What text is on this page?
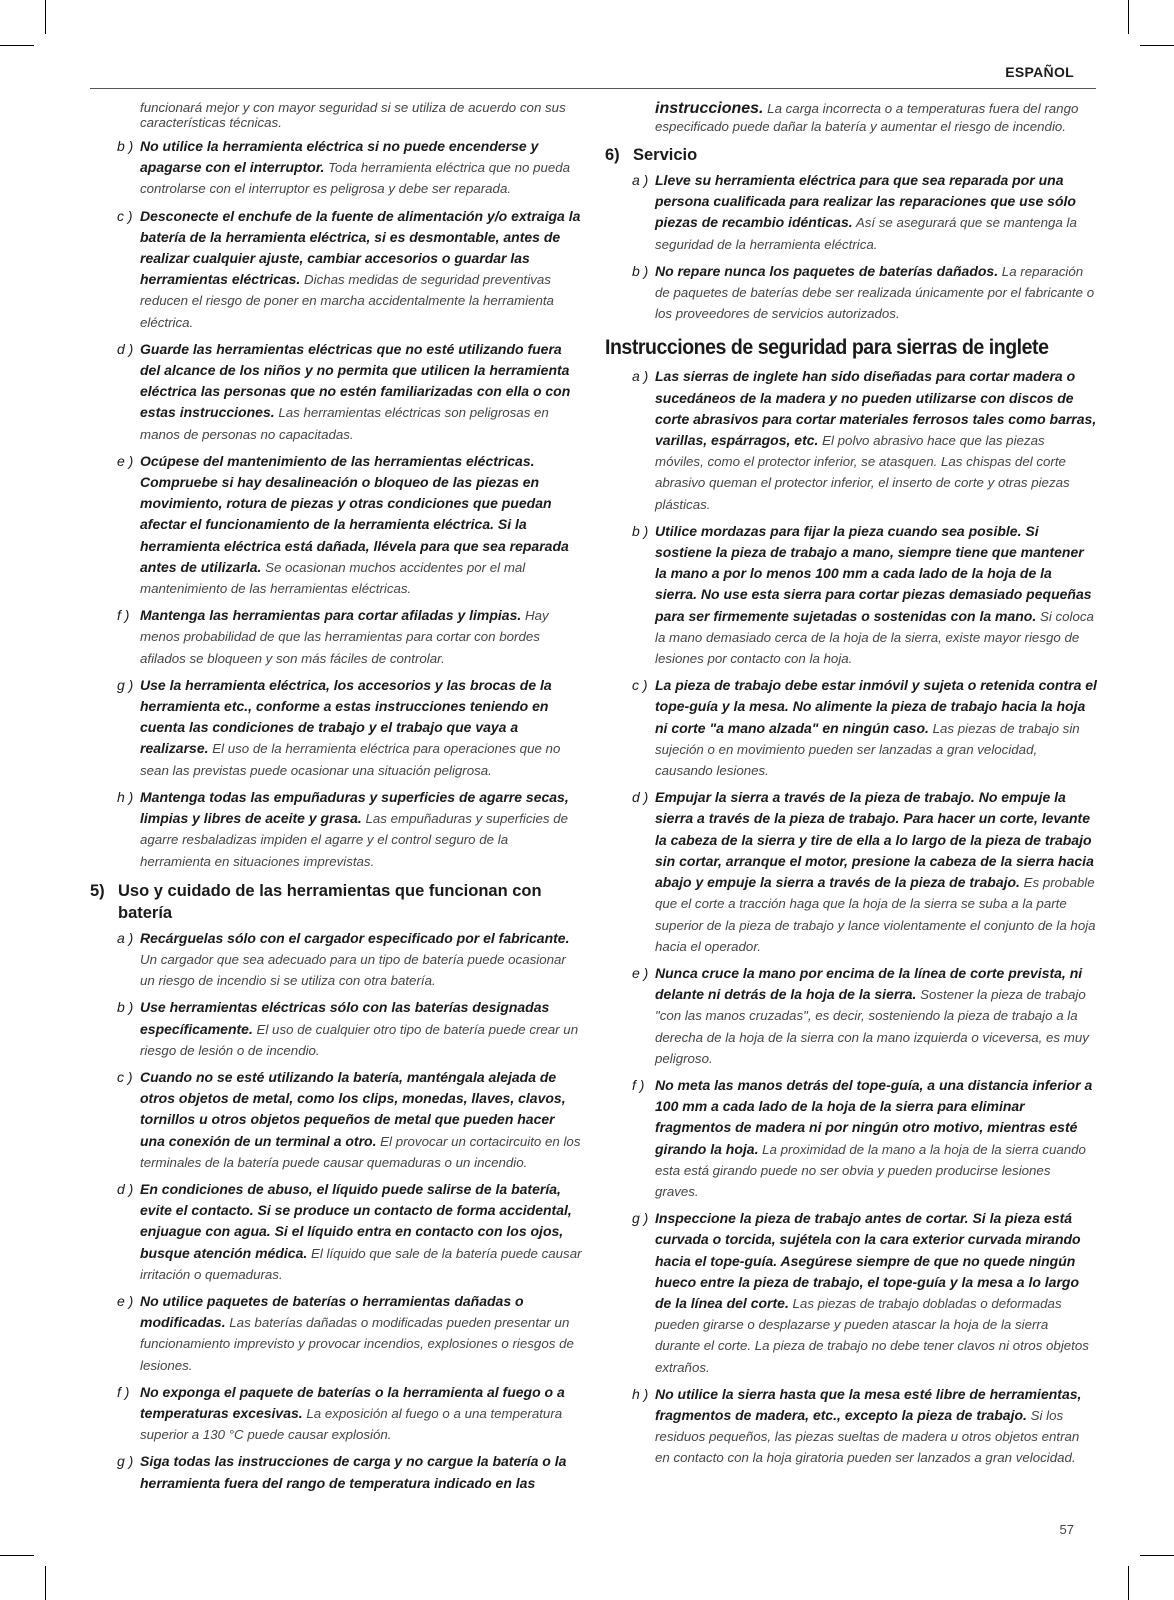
ESPAÑOL
funcionará mejor y con mayor seguridad si se utiliza de acuerdo con sus características técnicas.
b ) No utilice la herramienta eléctrica si no puede encenderse y apagarse con el interruptor. Toda herramienta eléctrica que no pueda controlarse con el interruptor es peligrosa y debe ser reparada.
c ) Desconecte el enchufe de la fuente de alimentación y/o extraiga la batería de la herramienta eléctrica, si es desmontable, antes de realizar cualquier ajuste, cambiar accesorios o guardar las herramientas eléctricas. Dichas medidas de seguridad preventivas reducen el riesgo de poner en marcha accidentalmente la herramienta eléctrica.
d ) Guarde las herramientas eléctricas que no esté utilizando fuera del alcance de los niños y no permita que utilicen la herramienta eléctrica las personas que no estén familiarizadas con ella o con estas instrucciones. Las herramientas eléctricas son peligrosas en manos de personas no capacitadas.
e ) Ocúpese del mantenimiento de las herramientas eléctricas. Compruebe si hay desalineación o bloqueo de las piezas en movimiento, rotura de piezas y otras condiciones que puedan afectar el funcionamiento de la herramienta eléctrica. Si la herramienta eléctrica está dañada, llévela para que sea reparada antes de utilizarla. Se ocasionan muchos accidentes por el mal mantenimiento de las herramientas eléctricas.
f ) Mantenga las herramientas para cortar afiladas y limpias. Hay menos probabilidad de que las herramientas para cortar con bordes afilados se bloqueen y son más fáciles de controlar.
g ) Use la herramienta eléctrica, los accesorios y las brocas de la herramienta etc., conforme a estas instrucciones teniendo en cuenta las condiciones de trabajo y el trabajo que vaya a realizarse. El uso de la herramienta eléctrica para operaciones que no sean las previstas puede ocasionar una situación peligrosa.
h ) Mantenga todas las empuñaduras y superficies de agarre secas, limpias y libres de aceite y grasa. Las empuñaduras y superficies de agarre resbaladizas impiden el agarre y el control seguro de la herramienta en situaciones imprevistas.
5) Uso y cuidado de las herramientas que funcionan con batería
a ) Recárguelas sólo con el cargador especificado por el fabricante. Un cargador que sea adecuado para un tipo de batería puede ocasionar un riesgo de incendio si se utiliza con otra batería.
b ) Use herramientas eléctricas sólo con las baterías designadas específicamente. El uso de cualquier otro tipo de batería puede crear un riesgo de lesión o de incendio.
c ) Cuando no se esté utilizando la batería, manténgala alejada de otros objetos de metal, como los clips, monedas, llaves, clavos, tornillos u otros objetos pequeños de metal que pueden hacer una conexión de un terminal a otro. El provocar un cortacircuito en los terminales de la batería puede causar quemaduras o un incendio.
d ) En condiciones de abuso, el líquido puede salirse de la batería, evite el contacto. Si se produce un contacto de forma accidental, enjuague con agua. Si el líquido entra en contacto con los ojos, busque atención médica. El líquido que sale de la batería puede causar irritación o quemaduras.
e ) No utilice paquetes de baterías o herramientas dañadas o modificadas. Las baterías dañadas o modificadas pueden presentar un funcionamiento imprevisto y provocar incendios, explosiones o riesgos de lesiones.
f ) No exponga el paquete de baterías o la herramienta al fuego o a temperaturas excesivas. La exposición al fuego o a una temperatura superior a 130 °C puede causar explosión.
g ) Siga todas las instrucciones de carga y no cargue la batería o la herramienta fuera del rango de temperatura indicado en las
instrucciones. La carga incorrecta o a temperaturas fuera del rango especificado puede dañar la batería y aumentar el riesgo de incendio.
6) Servicio
a ) Lleve su herramienta eléctrica para que sea reparada por una persona cualificada para realizar las reparaciones que use sólo piezas de recambio idénticas. Así se asegurará que se mantenga la seguridad de la herramienta eléctrica.
b ) No repare nunca los paquetes de baterías dañados. La reparación de paquetes de baterías debe ser realizada únicamente por el fabricante o los proveedores de servicios autorizados.
Instrucciones de seguridad para sierras de inglete
a ) Las sierras de inglete han sido diseñadas para cortar madera o sucedáneos de la madera y no pueden utilizarse con discos de corte abrasivos para cortar materiales ferrosos tales como barras, varillas, espárragos, etc. El polvo abrasivo hace que las piezas móviles, como el protector inferior, se atasquen. Las chispas del corte abrasivo queman el protector inferior, el inserto de corte y otras piezas plásticas.
b ) Utilice mordazas para fijar la pieza cuando sea posible. Si sostiene la pieza de trabajo a mano, siempre tiene que mantener la mano a por lo menos 100 mm a cada lado de la hoja de la sierra. No use esta sierra para cortar piezas demasiado pequeñas para ser firmemente sujetadas o sostenidas con la mano. Si coloca la mano demasiado cerca de la hoja de la sierra, existe mayor riesgo de lesiones por contacto con la hoja.
c ) La pieza de trabajo debe estar inmóvil y sujeta o retenida contra el tope-guía y la mesa. No alimente la pieza de trabajo hacia la hoja ni corte "a mano alzada" en ningún caso. Las piezas de trabajo sin sujeción o en movimiento pueden ser lanzadas a gran velocidad, causando lesiones.
d ) Empujar la sierra a través de la pieza de trabajo. No empuje la sierra a través de la pieza de trabajo. Para hacer un corte, levante la cabeza de la sierra y tire de ella a lo largo de la pieza de trabajo sin cortar, arranque el motor, presione la cabeza de la sierra hacia abajo y empuje la sierra a través de la pieza de trabajo. Es probable que el corte a tracción haga que la hoja de la sierra se suba a la parte superior de la pieza de trabajo y lance violentamente el conjunto de la hoja hacia el operador.
e ) Nunca cruce la mano por encima de la línea de corte prevista, ni delante ni detrás de la hoja de la sierra. Sostener la pieza de trabajo "con las manos cruzadas", es decir, sosteniendo la pieza de trabajo a la derecha de la hoja de la sierra con la mano izquierda o viceversa, es muy peligroso.
f ) No meta las manos detrás del tope-guía, a una distancia inferior a 100 mm a cada lado de la hoja de la sierra para eliminar fragmentos de madera ni por ningún otro motivo, mientras esté girando la hoja. La proximidad de la mano a la hoja de la sierra cuando esta está girando puede no ser obvia y pueden producirse lesiones graves.
g ) Inspeccione la pieza de trabajo antes de cortar. Si la pieza está curvada o torcida, sujétela con la cara exterior curvada mirando hacia el tope-guía. Asegúrese siempre de que no quede ningún hueco entre la pieza de trabajo, el tope-guía y la mesa a lo largo de la línea del corte. Las piezas de trabajo dobladas o deformadas pueden girarse o desplazarse y pueden atascar la hoja de la sierra durante el corte. La pieza de trabajo no debe tener clavos ni otros objetos extraños.
h ) No utilice la sierra hasta que la mesa esté libre de herramientas, fragmentos de madera, etc., excepto la pieza de trabajo. Si los residuos pequeños, las piezas sueltas de madera u otros objetos entran en contacto con la hoja giratoria pueden ser lanzados a gran velocidad.
57
